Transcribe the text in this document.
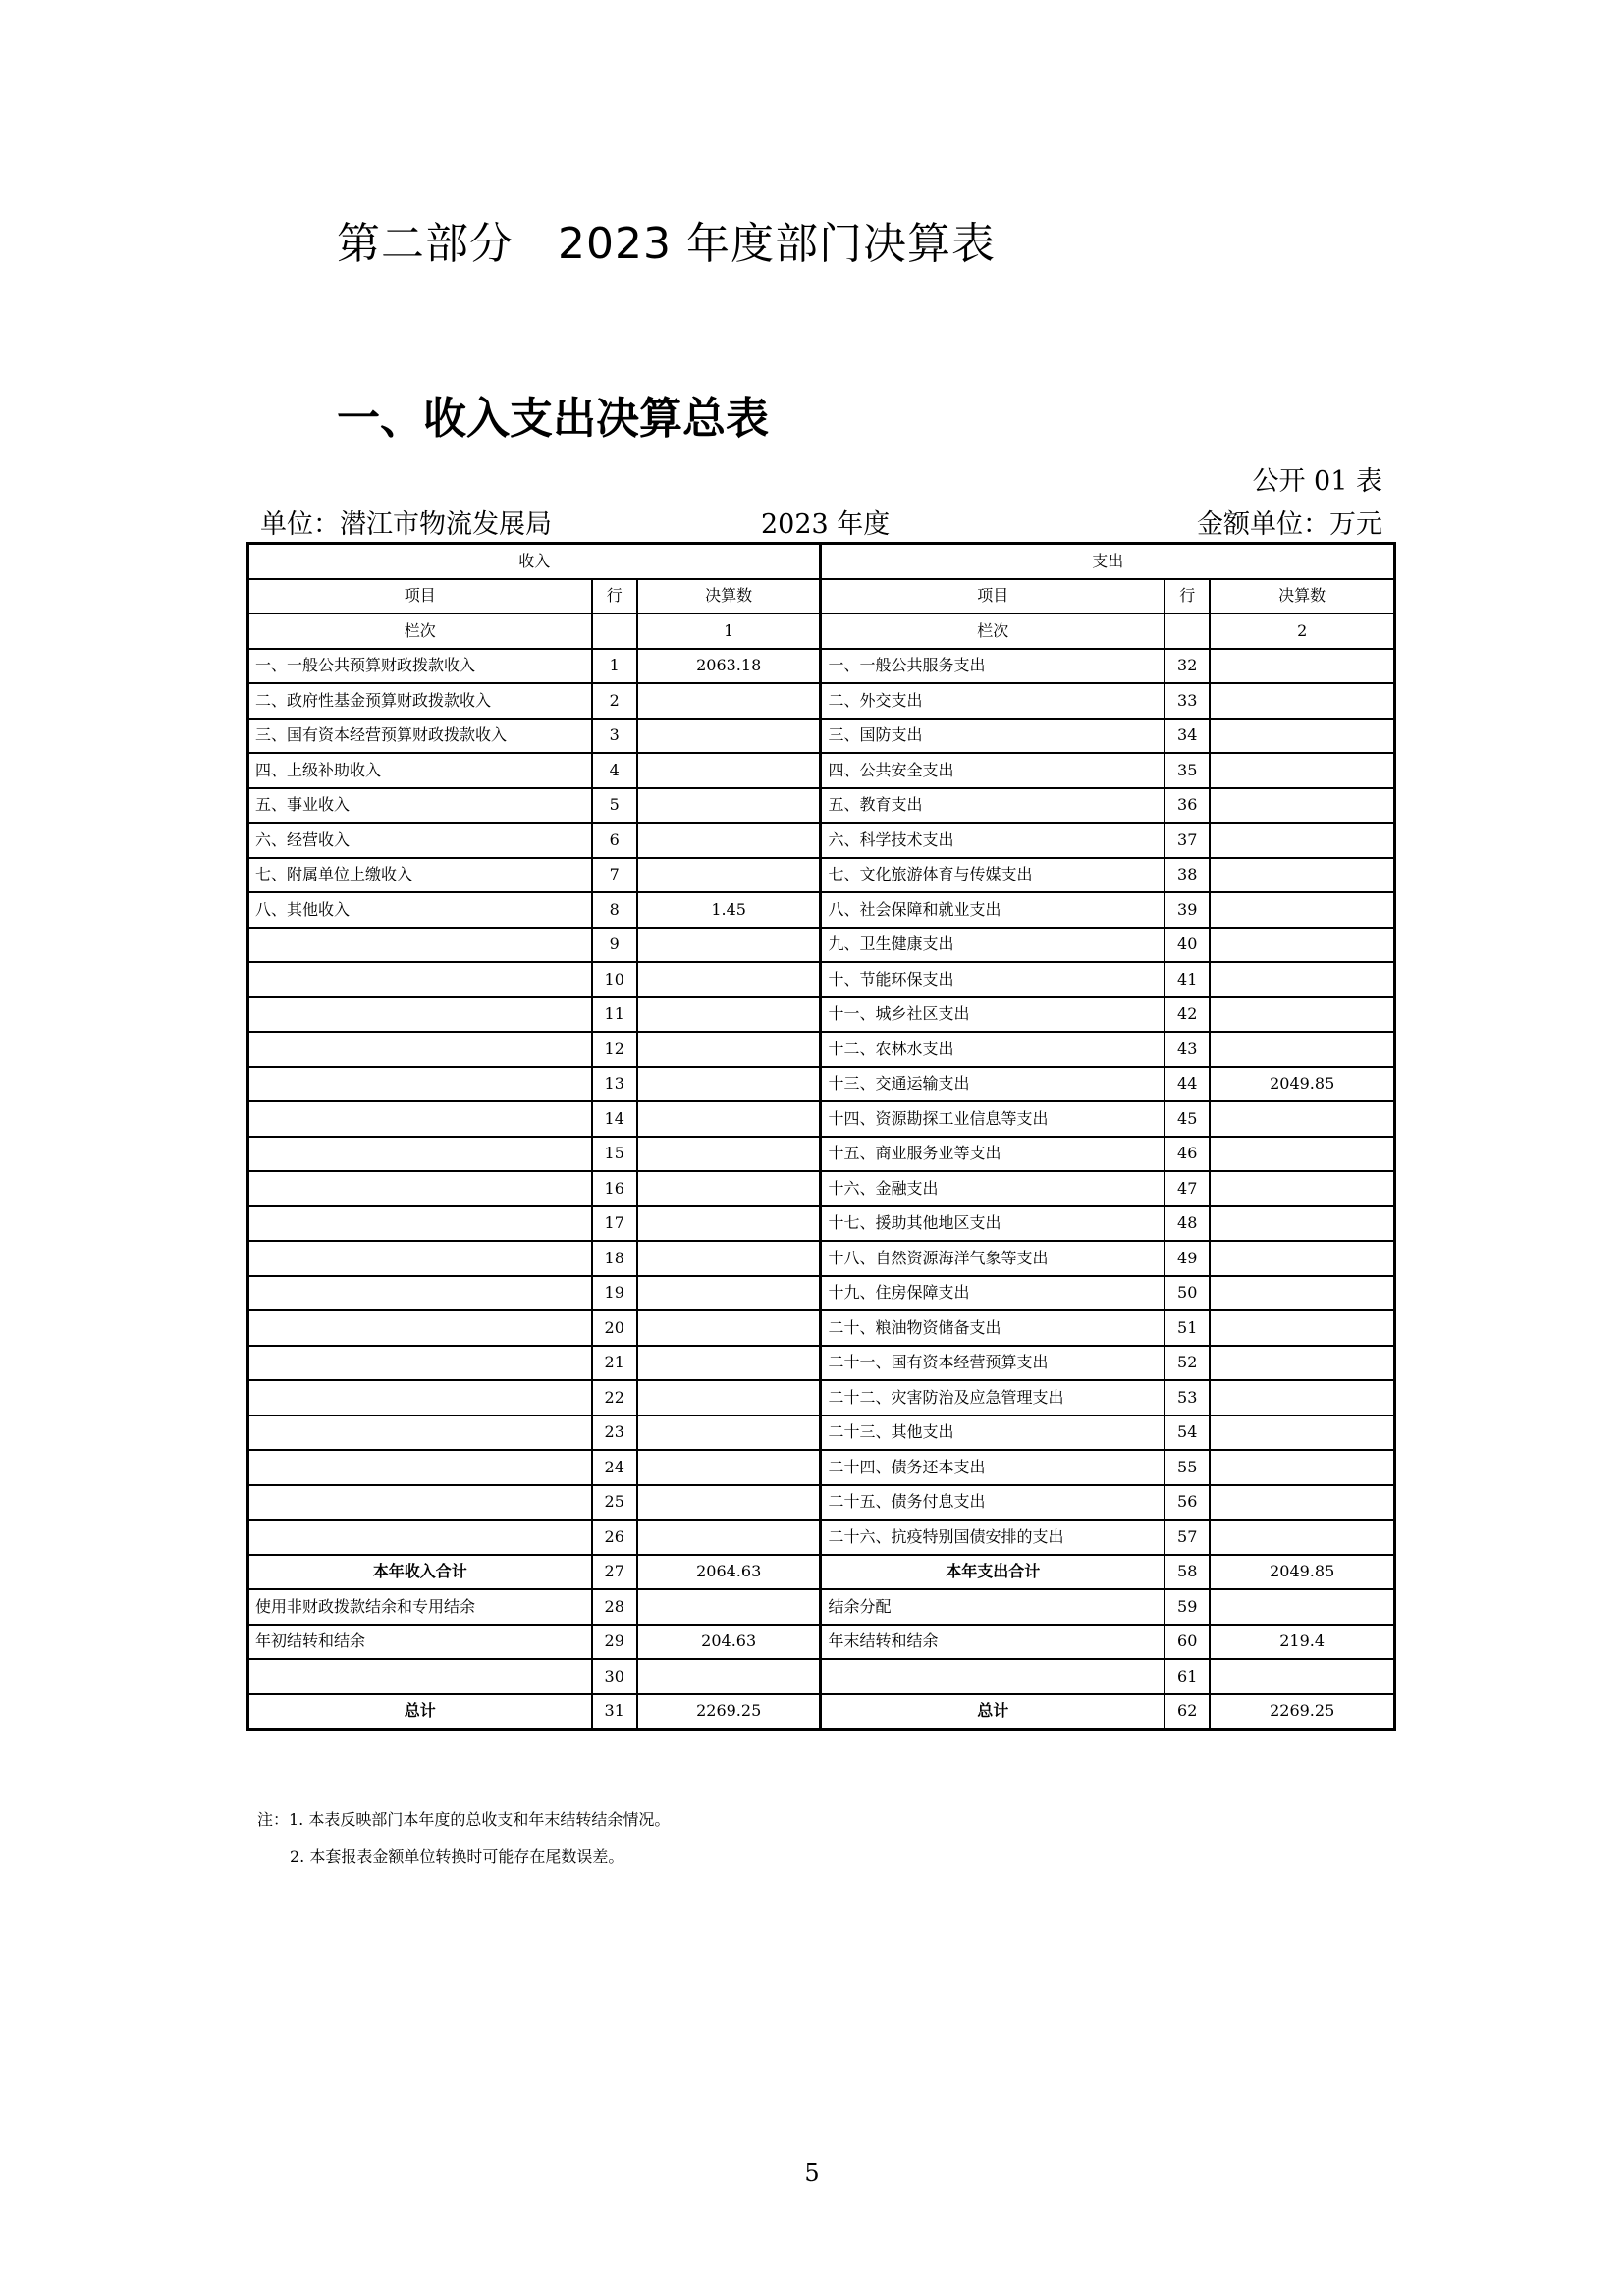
第二部分　2023 年度部门决算表
一、收入支出决算总表
公开 01 表
单位：潜江市物流发展局	2023 年度	金额单位：万元
收入			支出		
项目	行	决算数	项目	行	决算数
栏次		1	栏次		2
一、一般公共预算财政拨款收入	1	2063.18	一、一般公共服务支出	32	
二、政府性基金预算财政拨款收入	2		二、外交支出	33	
三、国有资本经营预算财政拨款收入	3		三、国防支出	34	
四、上级补助收入	4		四、公共安全支出	35	
五、事业收入	5		五、教育支出	36	
六、经营收入	6		六、科学技术支出	37	
七、附属单位上缴收入	7		七、文化旅游体育与传媒支出	38	
八、其他收入	8	1.45	八、社会保障和就业支出	39	
	9		九、卫生健康支出	40	
	10		十、节能环保支出	41	
	11		十一、城乡社区支出	42	
	12		十二、农林水支出	43	
	13		十三、交通运输支出	44	2049.85
	14		十四、资源勘探工业信息等支出	45	
	15		十五、商业服务业等支出	46	
	16		十六、金融支出	47	
	17		十七、援助其他地区支出	48	
	18		十八、自然资源海洋气象等支出	49	
	19		十九、住房保障支出	50	
	20		二十、粮油物资储备支出	51	
	21		二十一、国有资本经营预算支出	52	
	22		二十二、灾害防治及应急管理支出	53	
	23		二十三、其他支出	54	
	24		二十四、债务还本支出	55	
	25		二十五、债务付息支出	56	
	26		二十六、抗疫特别国债安排的支出	57	
本年收入合计	27	2064.63	本年支出合计	58	2049.85
使用非财政拨款结余和专用结余	28		结余分配	59	
年初结转和结余	29	204.63	年末结转和结余	60	219.4
	30			61	
总计	31	2269.25	总计	62	2269.25
注：1. 本表反映部门本年度的总收支和年末结转结余情况。
2. 本套报表金额单位转换时可能存在尾数误差。
5
